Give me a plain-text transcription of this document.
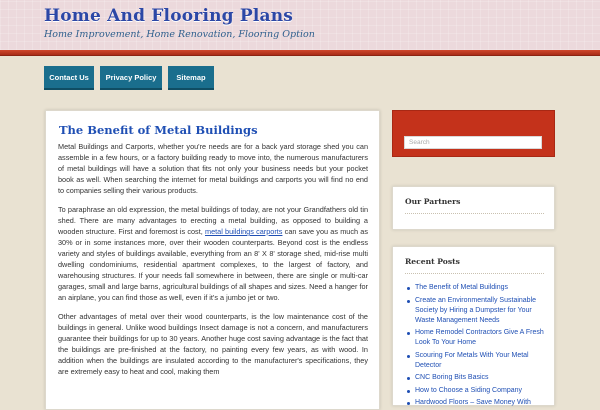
Home And Flooring Plans
Home Improvement, Home Renovation, Flooring Option
Contact Us	Privacy Policy	Sitemap
The Benefit of Metal Buildings

Metal Buildings and Carports, whether you're needs are for a back yard storage shed you can assemble in a few hours, or a factory building ready to move into, the numerous manufacturers of metal buildings will have a solution that fits not only your business needs but your pocket book as well. When searching the internet for metal buildings and carports you will find no end to companies selling their various products.

To paraphrase an old expression, the metal buildings of today, are not your Grandfathers old tin shed. There are many advantages to erecting a metal building, as opposed to building a wooden structure. First and foremost is cost, metal buildings carports can save you as much as 30% or in some instances more, over their wooden counterparts. Beyond cost is the endless variety and styles of buildings available, everything from an 8' X 8' storage shed, mid-rise multi dwelling condominiums, residential apartment complexes, to the largest of factory, and warehousing structures. If your needs fall somewhere in between, there are single or multi-car garages, small and large barns, agricultural buildings of all shapes and sizes. Need a hanger for an airplane, you can find those as well, even if it's a jumbo jet or two.

Other advantages of metal over their wood counterparts, is the low maintenance cost of the buildings in general. Unlike wood buildings Insect damage is not a concern, and manufacturers guarantee their buildings for up to 30 years. Another huge cost saving advantage is the fact that the buildings are pre-finished at the factory, no painting every few years, as with wood. In addition when the buildings are insulated according to the manufacturer's specifications, they are extremely easy to heat and cool, making them

Search
Our Partners
Recent Posts
The Benefit of Metal Buildings
Create an Environmentally Sustainable Society by Hiring a Dumpster for Your Waste Management Needs
Home Remodel Contractors Give A Fresh Look To Your Home
Scouring For Metals With Your Metal Detector
CNC Boring Bits Basics
How to Choose a Siding Company
Hardwood Floors – Save Money With
